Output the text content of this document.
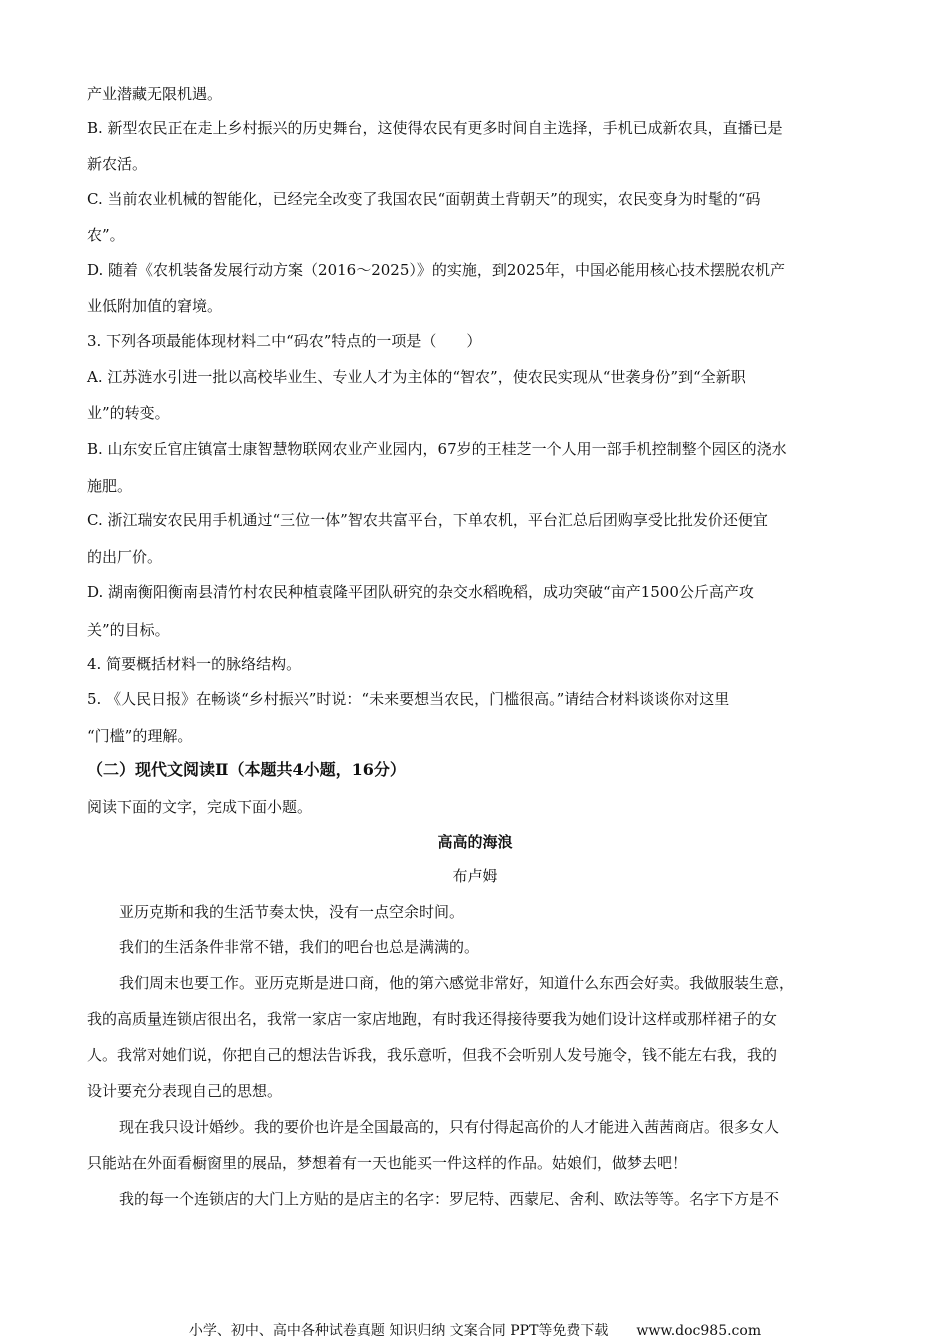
产业潜藏无限机遇。
B. 新型农民正在走上乡村振兴的历史舞台，这使得农民有更多时间自主选择，手机已成新农具，直播已是
新农活。
C. 当前农业机械的智能化，已经完全改变了我国农民“面朝黄土背朝天”的现实，农民变身为时髦的“码
农”。
D. 随着《农机装备发展行动方案（2016～2025）》的实施，到2025年，中国必能用核心技术摆脱农机产
业低附加值的窘境。
3. 下列各项最能体现材料二中“码农”特点的一项是（　　）
A. 江苏涟水引进一批以高校毕业生、专业人才为主体的“智农”，使农民实现从“世袭身份”到“全新职
业”的转变。
B. 山东安丘官庄镇富士康智慧物联网农业产业园内，67岁的王桂芝一个人用一部手机控制整个园区的浇水
施肥。
C. 浙江瑞安农民用手机通过“三位一体”智农共富平台，下单农机，平台汇总后团购享受比批发价还便宜
的出厂价。
D. 湖南衡阳衡南县清竹村农民种植袁隆平团队研究的杂交水稻晚稻，成功突破“亩产1500公斤高产攻
关”的目标。
4. 简要概括材料一的脉络结构。
5. 《人民日报》在畅谈“乡村振兴”时说：“未来要想当农民，门槛很高。”请结合材料谈谈你对这里
“门槛”的理解。
（二）现代文阅读Ⅱ（本题共4小题，16分）
阅读下面的文字，完成下面小题。
高高的海浪
布卢姆
亚历克斯和我的生活节奏太快，没有一点空余时间。
我们的生活条件非常不错，我们的吧台也总是满满的。
我们周末也要工作。亚历克斯是进口商，他的第六感觉非常好，知道什么东西会好卖。我做服装生意，
我的高质量连锁店很出名，我常一家店一家店地跑，有时我还得接待要我为她们设计这样或那样裙子的女
人。我常对她们说，你把自己的想法告诉我，我乐意听，但我不会听别人发号施令，钱不能左右我，我的
设计要充分表现自己的思想。
现在我只设计婚纱。我的要价也许是全国最高的，只有付得起高价的人才能进入茜茜商店。很多女人
只能站在外面看橱窗里的展品，梦想着有一天也能买一件这样的作品。姑娘们，做梦去吧！
我的每一个连锁店的大门上方贴的是店主的名字：罗尼特、西蒙尼、舍利、欧法等等。名字下方是不
小学、初中、高中各种试卷真题 知识归纳 文案合同 PPT等免费下载　　www.doc985.com
